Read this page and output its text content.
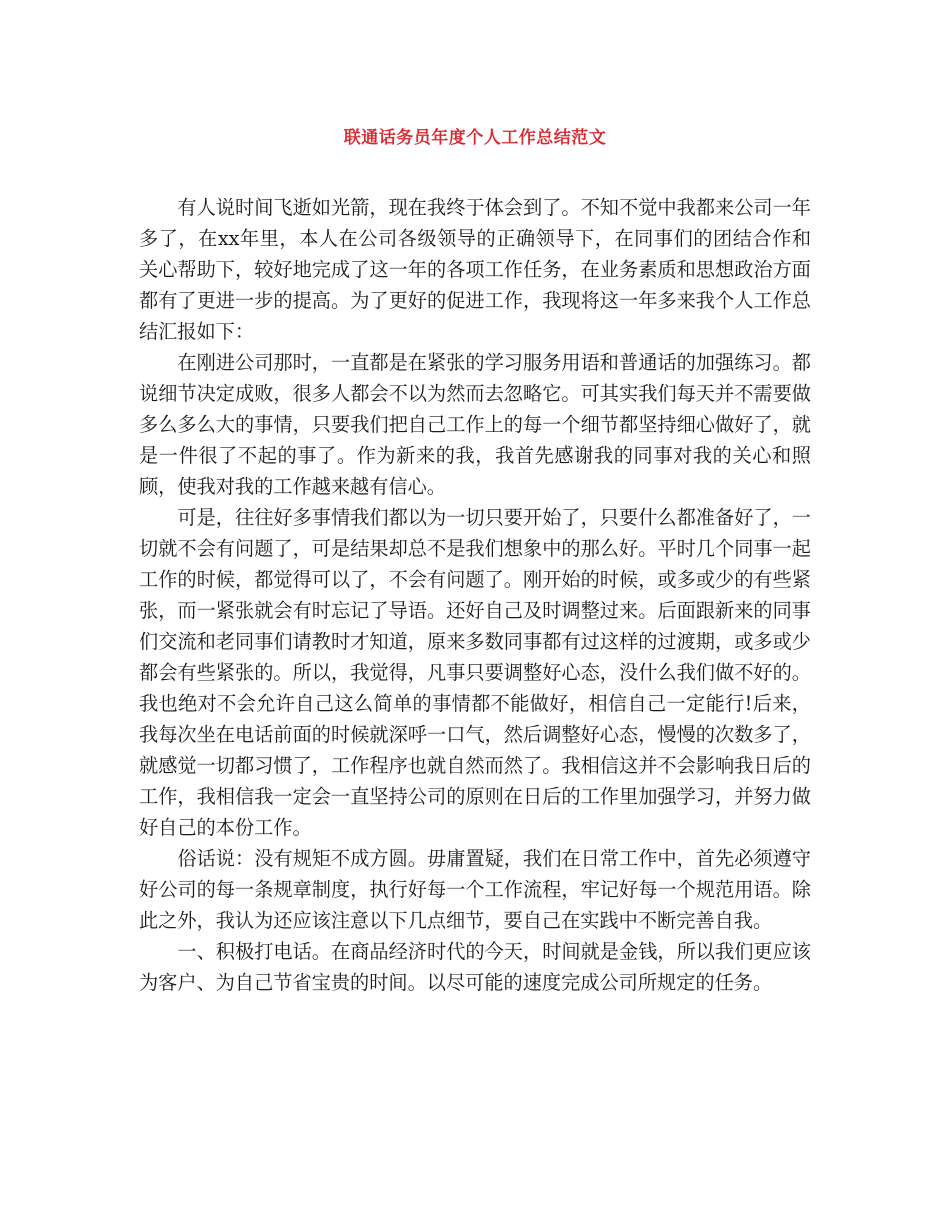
联通话务员年度个人工作总结范文

有人说时间飞逝如光箭，现在我终于体会到了。不知不觉中我都来公司一年多了，在xx年里，本人在公司各级领导的正确领导下，在同事们的团结合作和关心帮助下，较好地完成了这一年的各项工作任务，在业务素质和思想政治方面都有了更进一步的提高。为了更好的促进工作，我现将这一年多来我个人工作总结汇报如下：

在刚进公司那时，一直都是在紧张的学习服务用语和普通话的加强练习。都说细节决定成败，很多人都会不以为然而去忽略它。可其实我们每天并不需要做多么多么大的事情，只要我们把自己工作上的每一个细节都坚持细心做好了，就是一件很了不起的事了。作为新来的我，我首先感谢我的同事对我的关心和照顾，使我对我的工作越来越有信心。

可是，往往好多事情我们都以为一切只要开始了，只要什么都准备好了，一切就不会有问题了，可是结果却总不是我们想象中的那么好。平时几个同事一起工作的时候，都觉得可以了，不会有问题了。刚开始的时候，或多或少的有些紧张，而一紧张就会有时忘记了导语。还好自己及时调整过来。后面跟新来的同事们交流和老同事们请教时才知道，原来多数同事都有过这样的过渡期，或多或少都会有些紧张的。所以，我觉得，凡事只要调整好心态，没什么我们做不好的。我也绝对不会允许自己这么简单的事情都不能做好，相信自己一定能行!后来，我每次坐在电话前面的时候就深呼一口气，然后调整好心态，慢慢的次数多了，就感觉一切都习惯了，工作程序也就自然而然了。我相信这并不会影响我日后的工作，我相信我一定会一直坚持公司的原则在日后的工作里加强学习，并努力做好自己的本份工作。

俗话说：没有规矩不成方圆。毋庸置疑，我们在日常工作中，首先必须遵守好公司的每一条规章制度，执行好每一个工作流程，牢记好每一个规范用语。除此之外，我认为还应该注意以下几点细节，要自己在实践中不断完善自我。

一、积极打电话。在商品经济时代的今天，时间就是金钱，所以我们更应该为客户、为自己节省宝贵的时间。以尽可能的速度完成公司所规定的任务。
